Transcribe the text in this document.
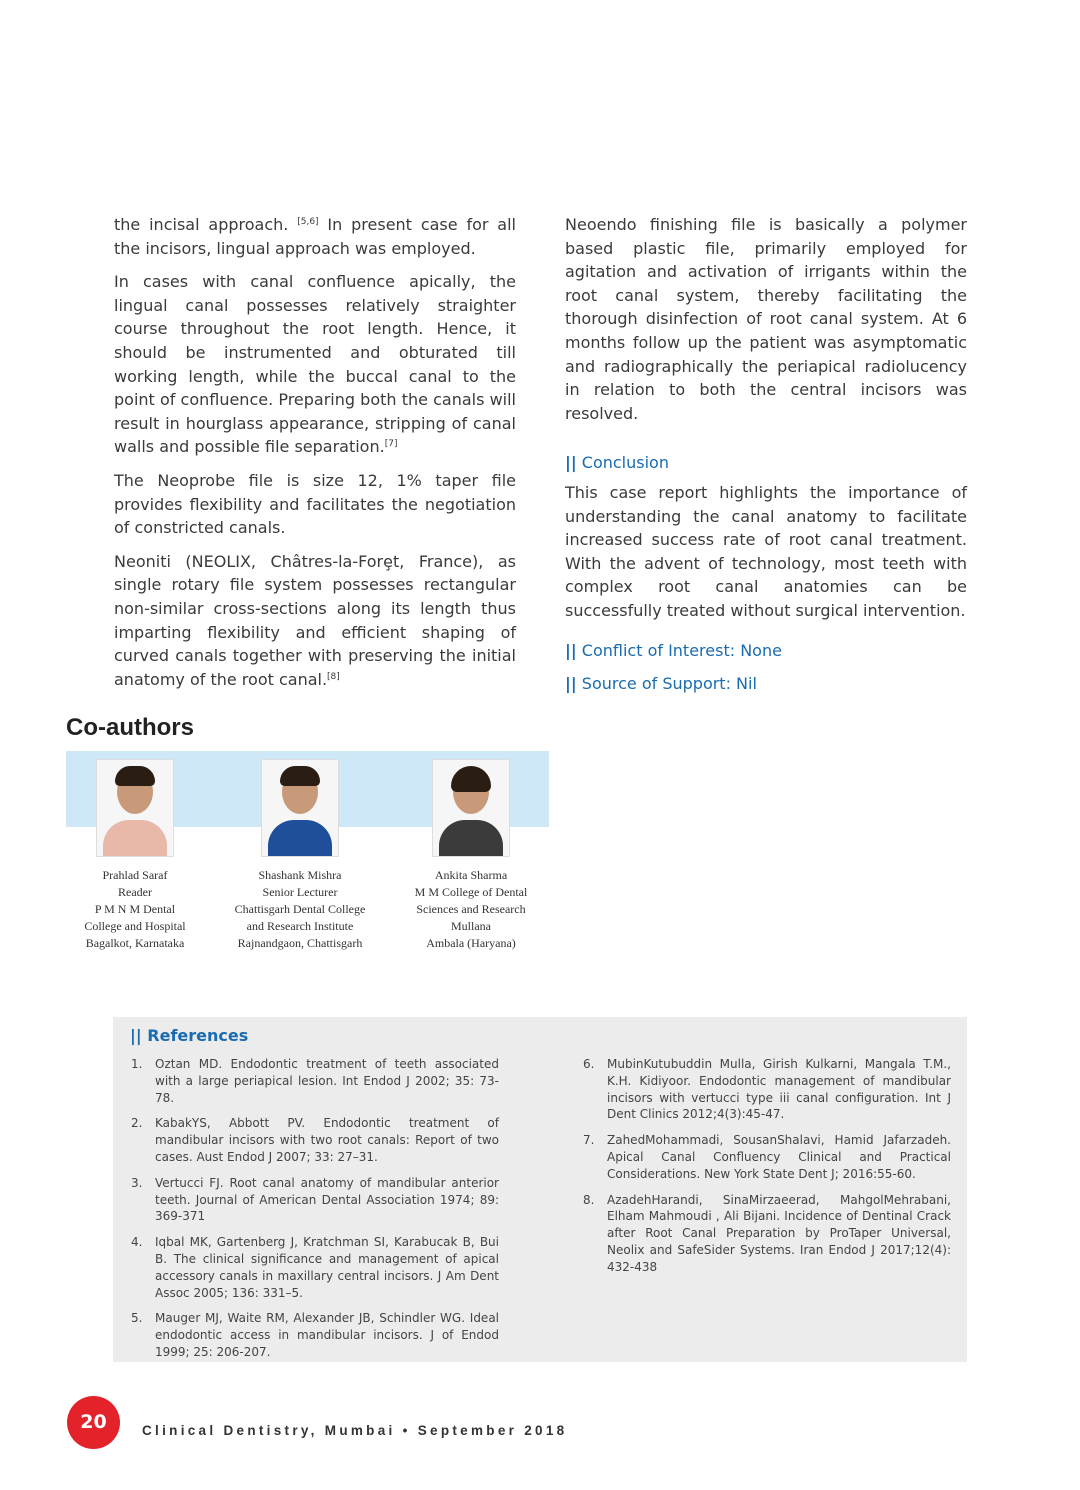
the incisal approach. [5,6] In present case for all the incisors, lingual approach was employed.

In cases with canal confluence apically, the lingual canal possesses relatively straighter course throughout the root length. Hence, it should be instrumented and obturated till working length, while the buccal canal to the point of confluence. Preparing both the canals will result in hourglass appearance, stripping of canal walls and possible file separation.[7]

The Neoprobe file is size 12, 1% taper file provides flexibility and facilitates the negotiation of constricted canals.

Neoniti (NEOLIX, Châtres-la-Forȩt, France), as single rotary file system possesses rectangular non-similar cross-sections along its length thus imparting flexibility and efficient shaping of curved canals together with preserving the initial anatomy of the root canal.[8]

Neoendo finishing file is basically a polymer based plastic file, primarily employed for agitation and activation of irrigants within the root canal system, thereby facilitating the thorough disinfection of root canal system. At 6 months follow up the patient was asymptomatic and radiographically the periapical radiolucency in relation to both the central incisors was resolved.

|| Conclusion

This case report highlights the importance of understanding the canal anatomy to facilitate increased success rate of root canal treatment. With the advent of technology, most teeth with complex root canal anatomies can be successfully treated without surgical intervention.

|| Conflict of Interest: None
|| Source of Support: Nil
Co-authors
Prahlad Saraf
Reader
P M N M Dental
College and Hospital
Bagalkot, Karnataka
Shashank Mishra
Senior Lecturer
Chattisgarh Dental College
and Research Institute
Rajnandgaon, Chattisgarh
Ankita Sharma
M M College of Dental
Sciences and Research
Mullana
Ambala (Haryana)
|| References
1. Oztan MD. Endodontic treatment of teeth associated with a large periapical lesion. Int Endod J 2002; 35: 73-78.
2. KabakYS, Abbott PV. Endodontic treatment of mandibular incisors with two root canals: Report of two cases. Aust Endod J 2007; 33: 27–31.
3. Vertucci FJ. Root canal anatomy of mandibular anterior teeth. Journal of American Dental Association 1974; 89: 369-371
4. Iqbal MK, Gartenberg J, Kratchman SI, Karabucak B, Bui B. The clinical significance and management of apical accessory canals in maxillary central incisors. J Am Dent Assoc 2005; 136: 331–5.
5. Mauger MJ, Waite RM, Alexander JB, Schindler WG. Ideal endodontic access in mandibular incisors. J of Endod 1999; 25: 206-207.
6. MubinKutubuddin Mulla, Girish Kulkarni, Mangala T.M., K.H. Kidiyoor. Endodontic management of mandibular incisors with vertucci type iii canal configuration. Int J Dent Clinics 2012;4(3):45-47.
7. ZahedMohammadi, SousanShalavi, Hamid Jafarzadeh. Apical Canal Confluency Clinical and Practical Considerations. New York State Dent J; 2016:55-60.
8. AzadehHarandi, SinaMirzaeerad, MahgolMehrabani, Elham Mahmoudi , Ali Bijani. Incidence of Dentinal Crack after Root Canal Preparation by ProTaper Universal, Neolix and SafeSider Systems. Iran Endod J 2017;12(4): 432-438
20	Clinical Dentistry, Mumbai • September 2018
